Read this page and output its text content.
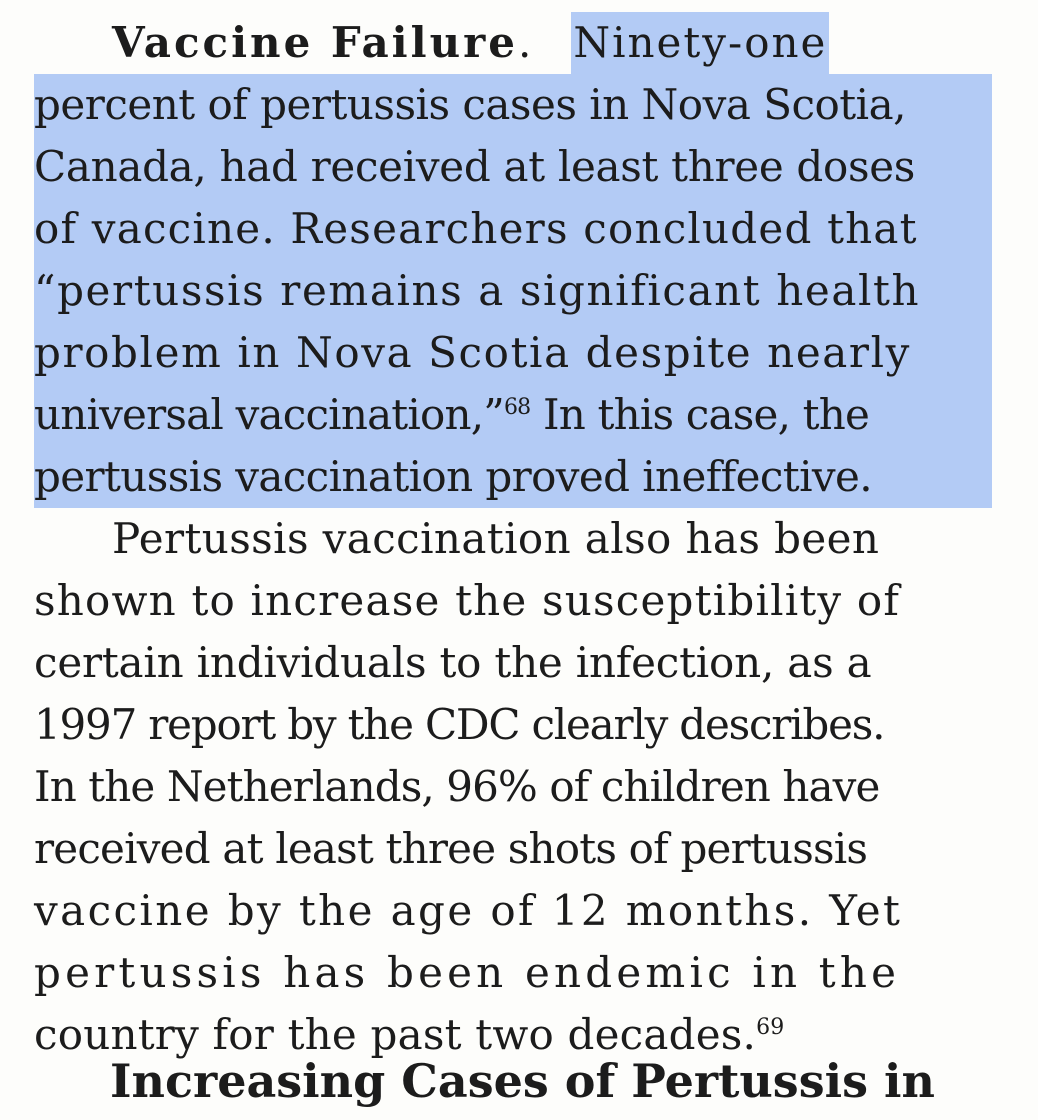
Increasing Cases of Pertussis in
Vaccine Failure. Ninety-one
percent of pertussis cases in Nova Scotia,
Canada, had received at least three doses
of vaccine. Researchers concluded that
“pertussis remains a significant health
problem in Nova Scotia despite nearly
universal vaccination,”$^{68}$ In this case, the
pertussis vaccination proved ineffective.
Pertussis vaccination also has been
shown to increase the susceptibility of
certain individuals to the infection, as a
1997 report by the CDC clearly describes.
In the Netherlands, 96% of children have
received at least three shots of pertussis
vaccine by the age of 12 months. Yet
pertussis has been endemic in the
country for the past two decades.$^{69}$
